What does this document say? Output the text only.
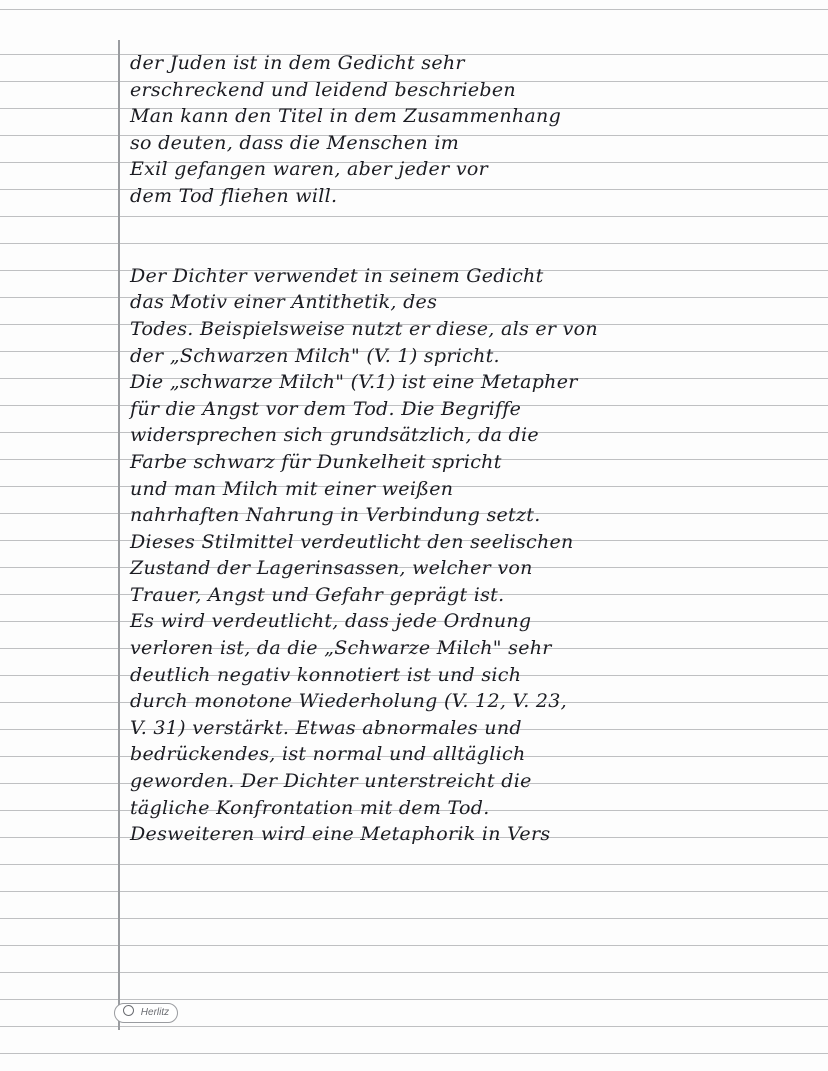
der Juden ist in dem Gedicht sehr
erschreckend und leidend beschrieben
Man kann den Titel in dem Zusammenhang
so deuten, dass die Menschen im
Exil gefangen waren, aber jeder vor
dem Tod fliehen will.
Der Dichter verwendet in seinem Gedicht
das Motiv einer Antithetik, des
Todes. Beispielsweise nutzt er diese, als er von
der „Schwarzen Milch" (V. 1) spricht.
Die „schwarze Milch" (V.1) ist eine Metapher
für die Angst vor dem Tod. Die Begriffe
widersprechen sich grundsätzlich, da die
Farbe schwarz für Dunkelheit spricht
und man Milch mit einer weißen
nahrhaften Nahrung in Verbindung setzt.
Dieses Stilmittel verdeutlicht den seelischen
Zustand der Lagerinsassen, welcher von
Trauer, Angst und Gefahr geprägt ist.
Es wird verdeutlicht, dass jede Ordnung
verloren ist, da die „Schwarze Milch" sehr
deutlich negativ konnotiert ist und sich
durch monotone Wiederholung (V. 12, V. 23,
V. 31) verstärkt. Etwas abnormales und
bedrückendes, ist normal und alltäglich
geworden. Der Dichter unterstreicht die
tägliche Konfrontation mit dem Tod.
Desweiteren wird eine Metaphorik in Vers
Herlitz
